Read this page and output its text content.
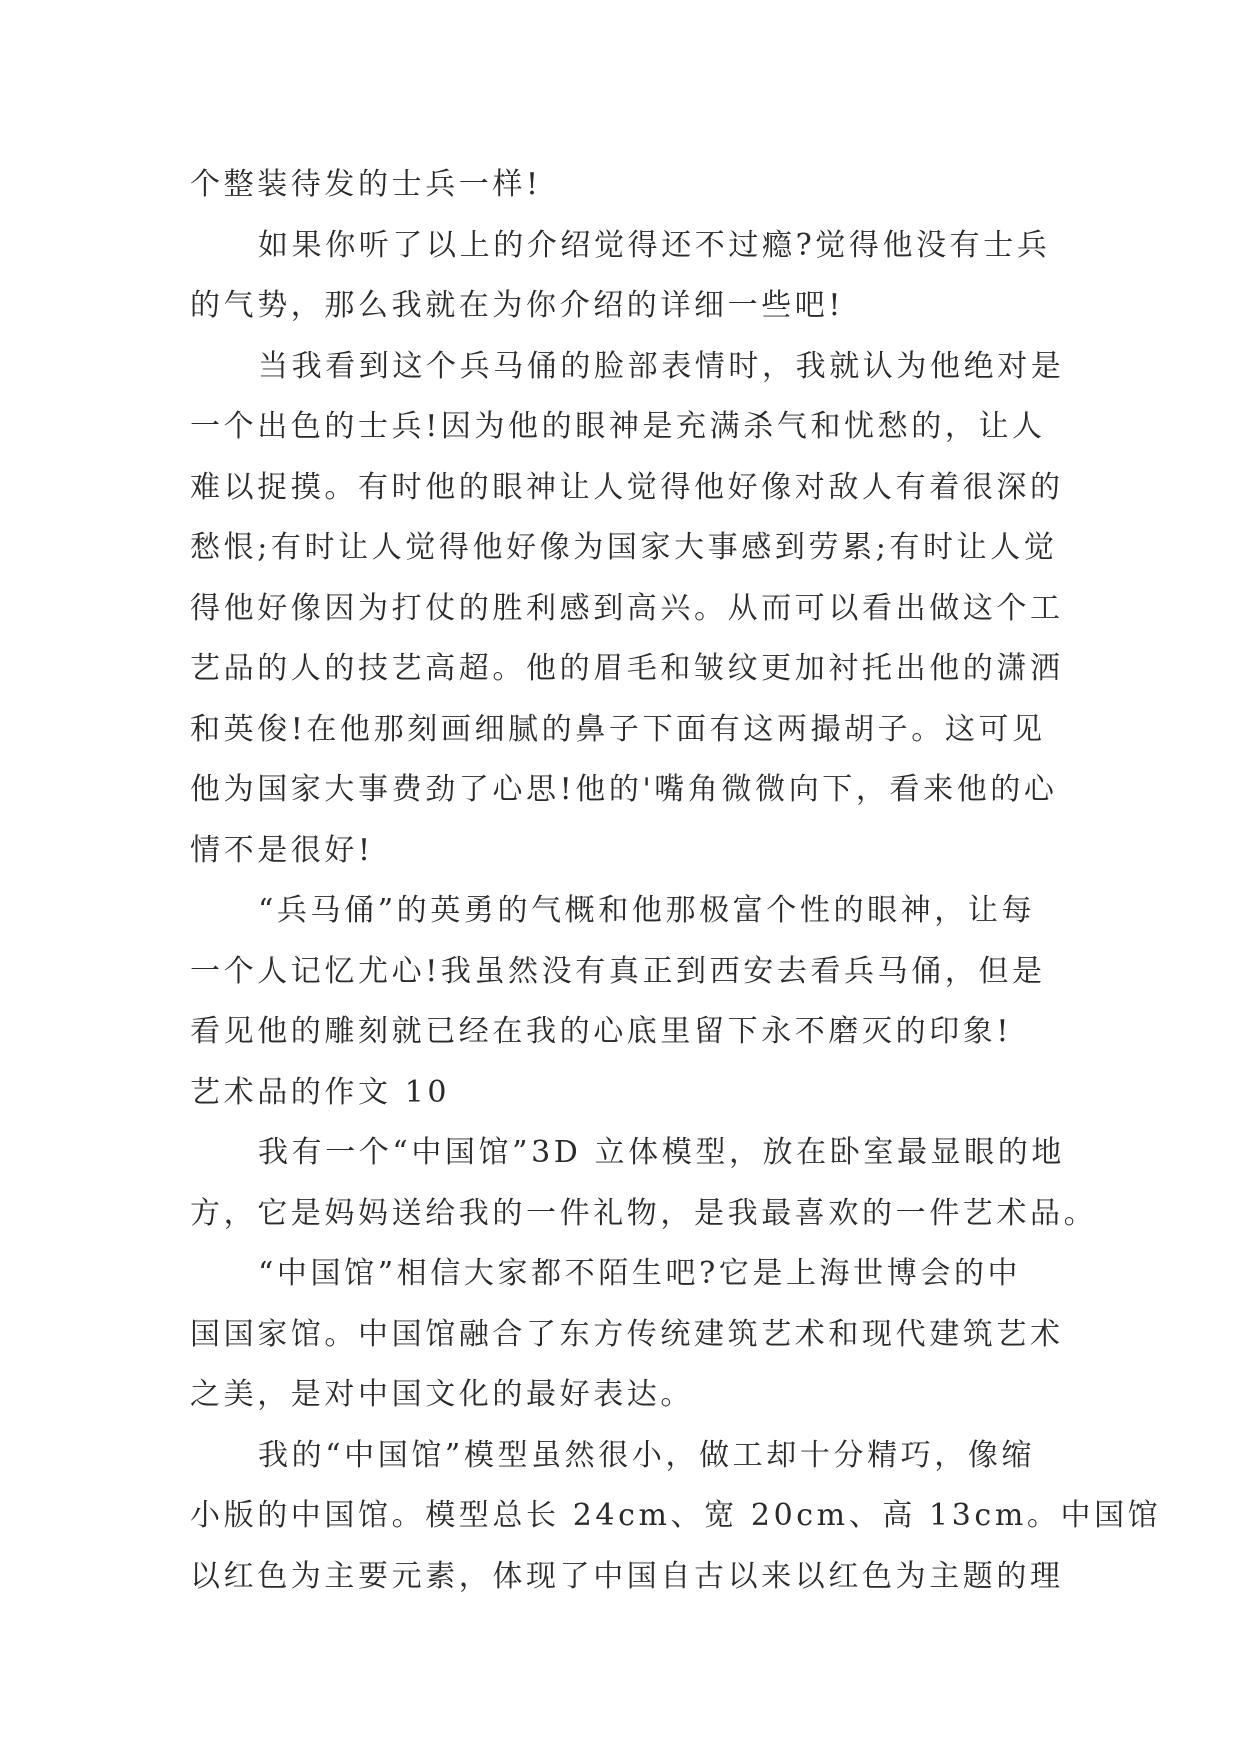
个整装待发的士兵一样!
如果你听了以上的介绍觉得还不过瘾?觉得他没有士兵
的气势，那么我就在为你介绍的详细一些吧!
当我看到这个兵马俑的脸部表情时，我就认为他绝对是
一个出色的士兵!因为他的眼神是充满杀气和忧愁的，让人
难以捉摸。有时他的眼神让人觉得他好像对敌人有着很深的
愁恨;有时让人觉得他好像为国家大事感到劳累;有时让人觉
得他好像因为打仗的胜利感到高兴。从而可以看出做这个工
艺品的人的技艺高超。他的眉毛和皱纹更加衬托出他的潇洒
和英俊!在他那刻画细腻的鼻子下面有这两撮胡子。这可见
他为国家大事费劲了心思!他的'嘴角微微向下，看来他的心
情不是很好!
“兵马俑”的英勇的气概和他那极富个性的眼神，让每
一个人记忆尤心!我虽然没有真正到西安去看兵马俑，但是
看见他的雕刻就已经在我的心底里留下永不磨灭的印象!
艺术品的作文 10
我有一个“中国馆”3D 立体模型，放在卧室最显眼的地
方，它是妈妈送给我的一件礼物，是我最喜欢的一件艺术品。
“中国馆”相信大家都不陌生吧?它是上海世博会的中
国国家馆。中国馆融合了东方传统建筑艺术和现代建筑艺术
之美，是对中国文化的最好表达。
我的“中国馆”模型虽然很小，做工却十分精巧，像缩
小版的中国馆。模型总长 24cm、宽 20cm、高 13cm。中国馆
以红色为主要元素，体现了中国自古以来以红色为主题的理
